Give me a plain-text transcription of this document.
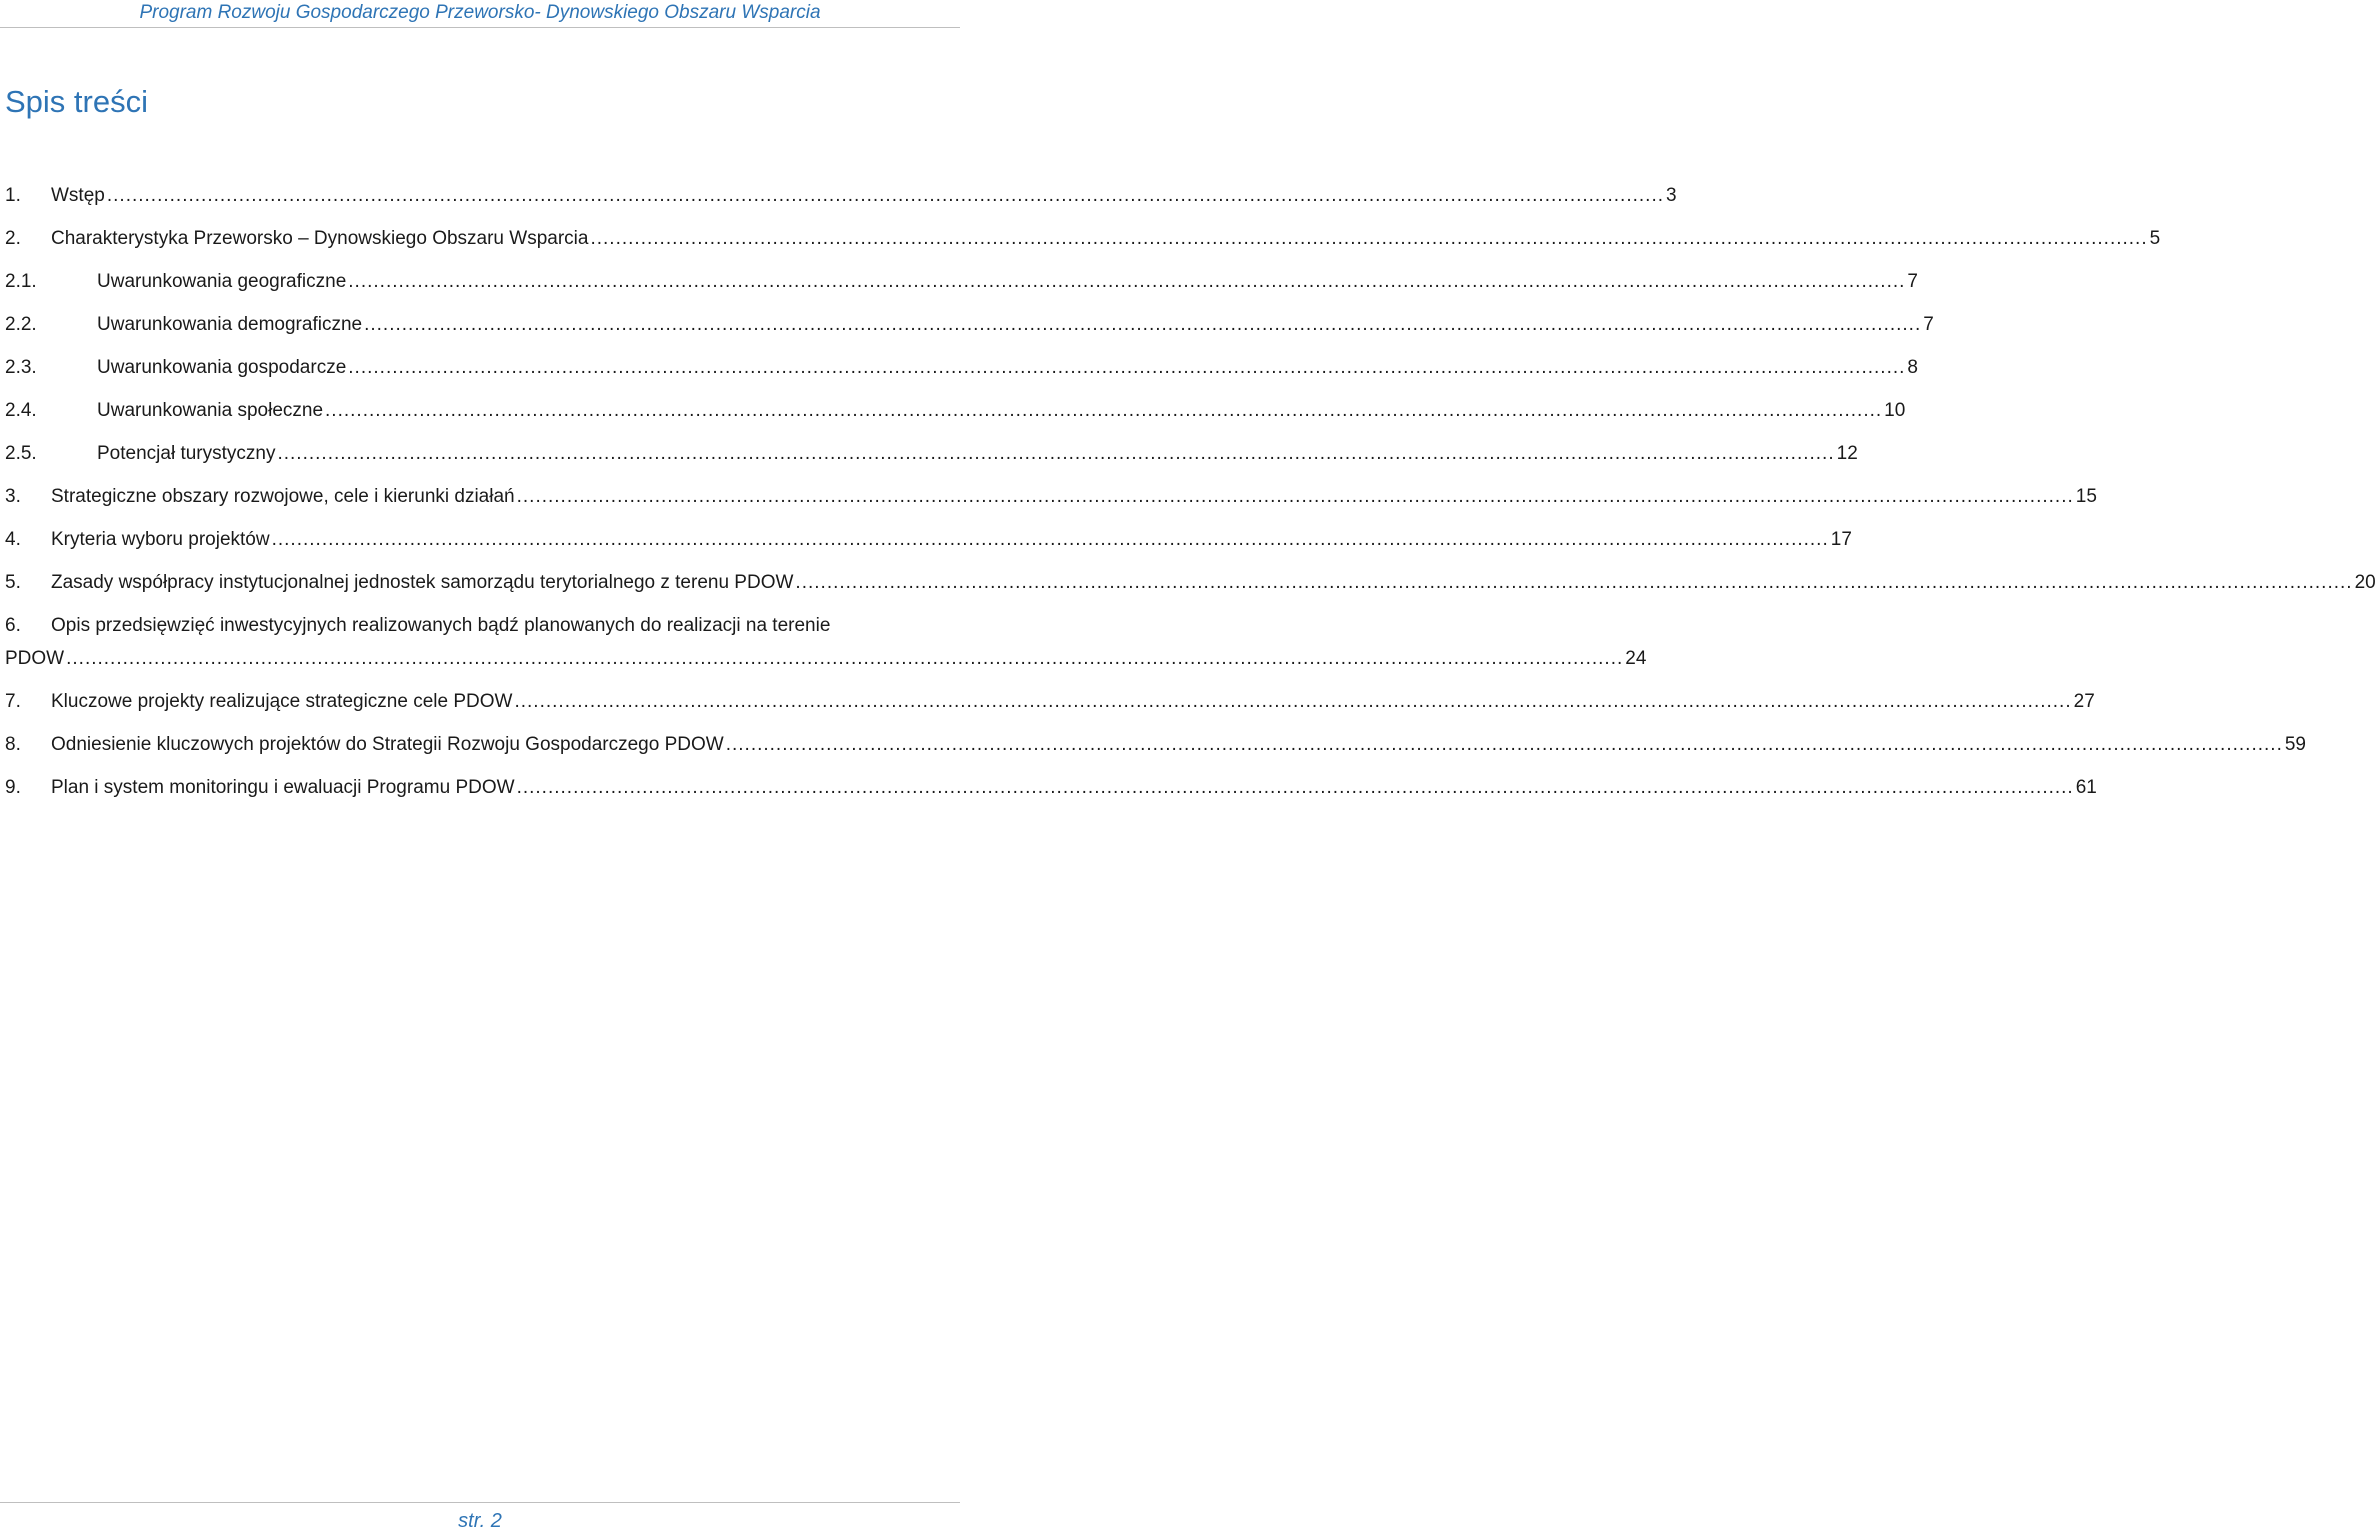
Program Rozwoju Gospodarczego Przeworsko- Dynowskiego Obszaru Wsparcia
Spis treści
1.	Wstęp .....	3
2.	Charakterystyka Przeworsko – Dynowskiego Obszaru Wsparcia .....	5
2.1.	Uwarunkowania geograficzne .....	7
2.2.	Uwarunkowania demograficzne .....	7
2.3.	Uwarunkowania gospodarcze .....	8
2.4.	Uwarunkowania społeczne .....	10
2.5.	Potencjał turystyczny .....	12
3.	Strategiczne obszary rozwojowe, cele i kierunki działań .....	15
4.	Kryteria wyboru projektów .....	17
5.	Zasady współpracy instytucjonalnej jednostek samorządu terytorialnego z terenu PDOW .....	20
6.	Opis przedsięwzięć inwestycyjnych realizowanych bądź planowanych do realizacji na terenie
PDOW .....	24
7.	Kluczowe projekty realizujące strategiczne cele PDOW .....	27
8.	Odniesienie kluczowych projektów do Strategii Rozwoju Gospodarczego PDOW .....	59
9.	Plan i system monitoringu i ewaluacji Programu PDOW .....	61
str. 2
